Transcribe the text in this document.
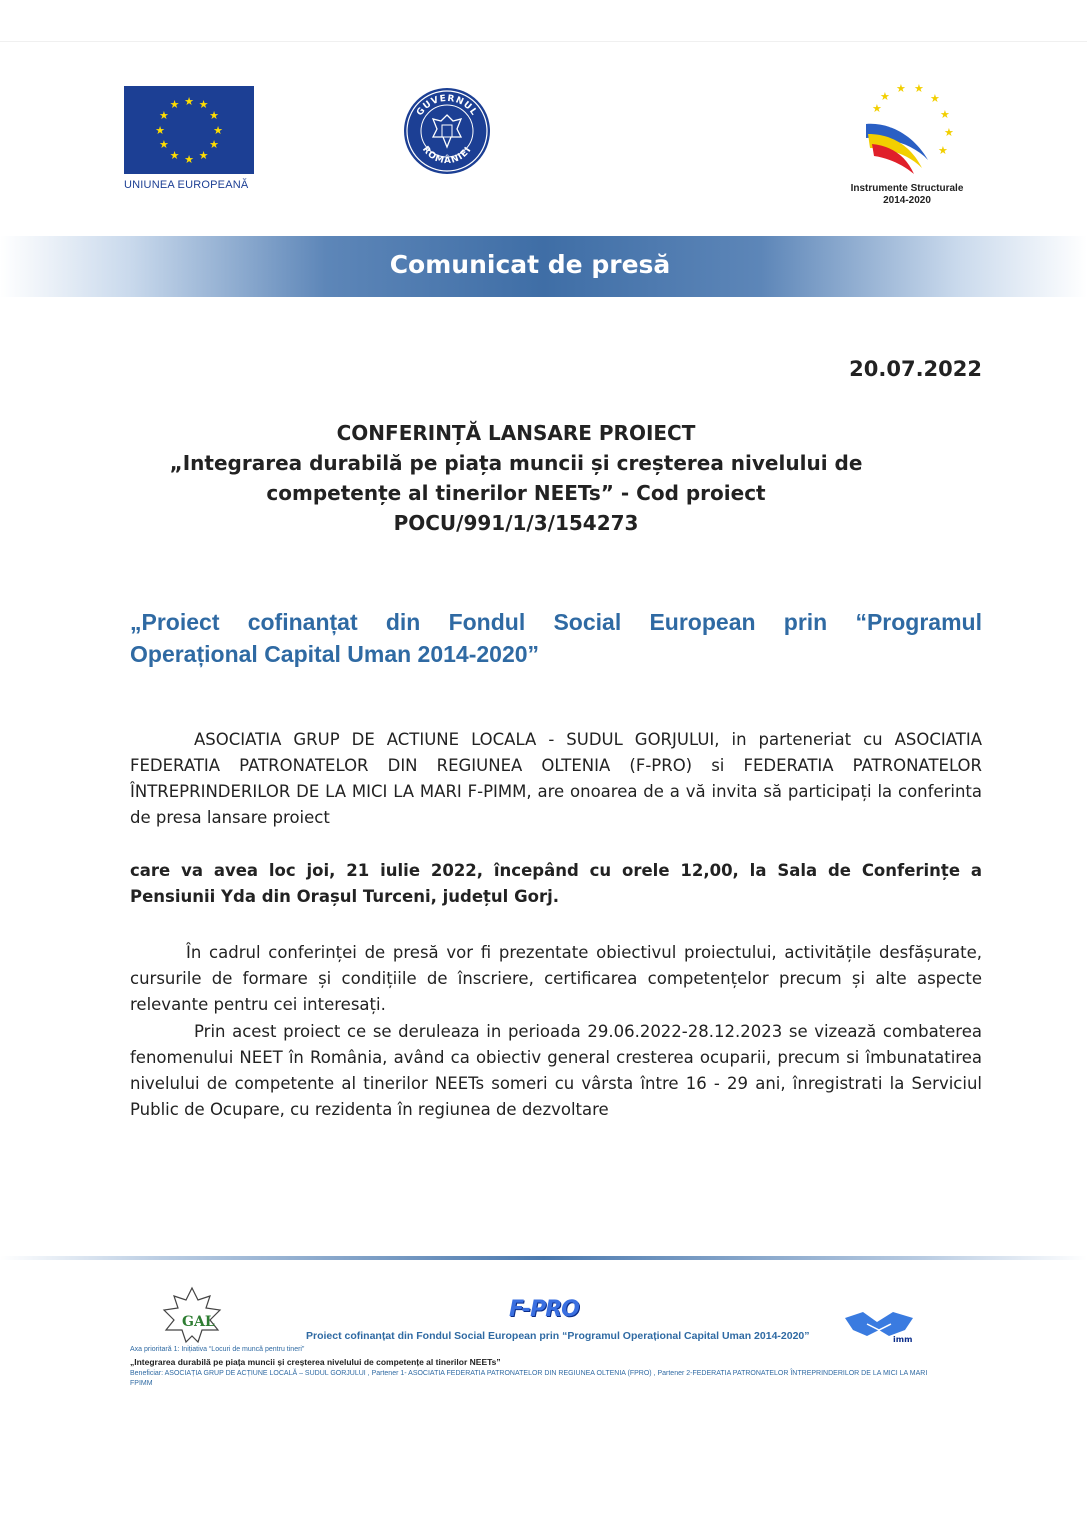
★ ★
★
★
★
★
★
★
★
★
★
★
UNIUNEA EUROPEANĂ
GUVERNUL
ROMÂNIEI
★
★ ★
★
★
★
★
★
Instrumente Structurale
2014-2020
Comunicat de presă
20.07.2022
CONFERINȚĂ LANSARE PROIECT
„Integrarea durabilă pe piața muncii și creșterea nivelului de
competențe al tinerilor NEETs” - Cod proiect
POCU/991/1/3/154273
„Proiect cofinanțat din Fondul Social European prin “Programul
Operațional Capital Uman 2014-2020”
ASOCIATIA GRUP DE ACTIUNE LOCALA - SUDUL GORJULUI, in parteneriat cu ASOCIATIA FEDERATIA PATRONATELOR DIN REGIUNEA OLTENIA (F-PRO) si FEDERATIA PATRONATELOR ÎNTREPRINDERILOR DE LA MICI LA MARI F-PIMM, are onoarea de a vă invita să participați la conferinta de presa lansare proiect
care va avea loc joi, 21 iulie 2022, începând cu orele 12,00, la Sala de Conferințe a Pensiunii Yda din Orașul Turceni, județul Gorj.
În cadrul conferinței de presă vor fi prezentate obiectivul proiectului, activitățile desfășurate, cursurile de formare și condițiile de înscriere, certificarea competențelor precum și alte aspecte relevante pentru cei interesați.
Prin acest proiect ce se deruleaza in perioada 29.06.2022-28.12.2023 se vizează combaterea fenomenului NEET în România, având ca obiectiv general cresterea ocuparii, precum si îmbunatatirea nivelului de competente al tinerilor NEETs someri cu vârsta între 16 - 29 ani, înregistrati la Serviciul Public de Ocupare, cu rezidenta în regiunea de dezvoltare
GAL	F-PRO
imm
Proiect cofinanțat din Fondul Social European prin “Programul Operațional Capital Uman 2014-2020”
Axa prioritară 1: Inițiativa “Locuri de muncă pentru tineri”
„Integrarea durabilă pe piața muncii și creșterea nivelului de competențe al tinerilor NEETs”
Beneficiar: ASOCIAȚIA GRUP DE ACȚIUNE LOCALĂ – SUDUL GORJULUI , Partener 1- ASOCIATIA FEDERATIA PATRONATELOR DIN REGIUNEA OLTENIA (FPRO) , Partener 2-FEDERATIA PATRONATELOR ÎNTREPRINDERILOR DE LA MICI LA MARI
FPIMM
